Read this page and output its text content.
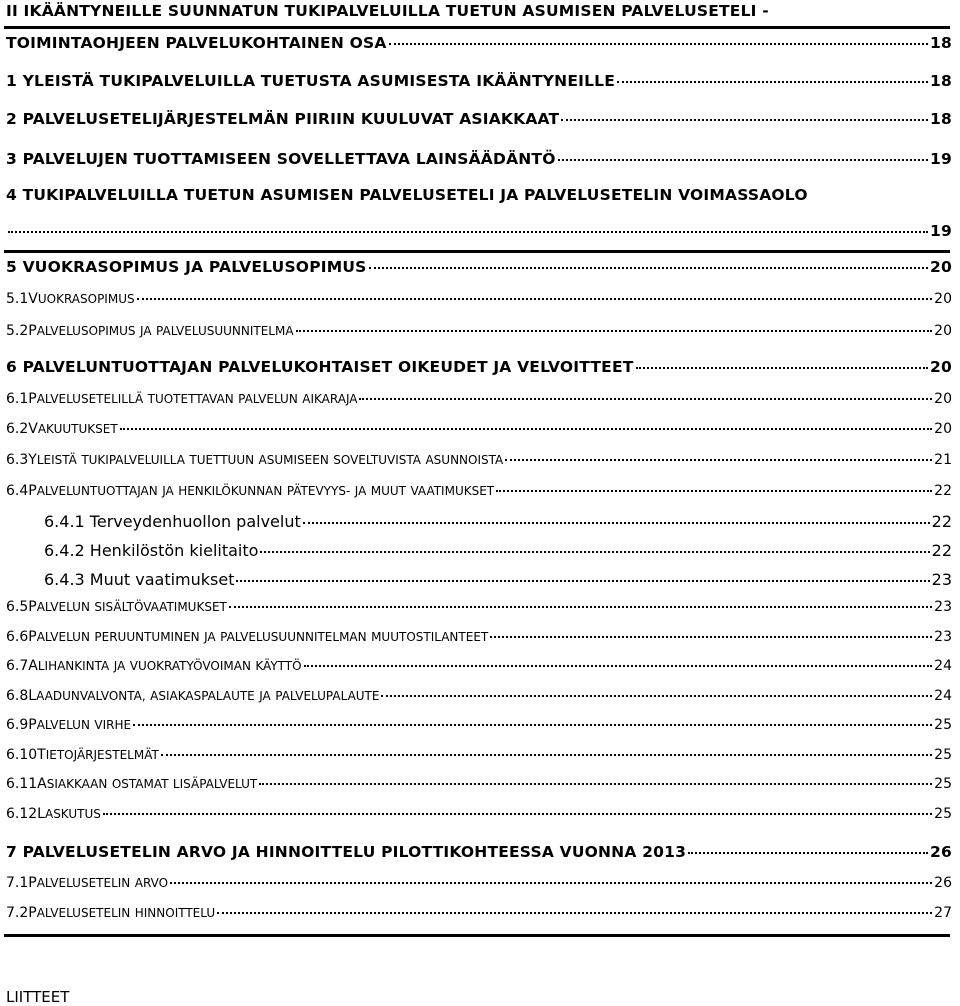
II IKÄÄNTYNEILLE SUUNNATUN TUKIPALVELUILLA TUETUN ASUMISEN PALVELUSETELI -
TOIMINTAOHJEEN PALVELUKOHTAINEN OSA	18
1 YLEISTÄ TUKIPALVELUILLA TUETUSTA ASUMISESTA IKÄÄNTYNEILLE	18
2 PALVELUSETELIJÄRJESTELMÄN PIIRIIN KUULUVAT ASIAKKAAT	18
3 PALVELUJEN TUOTTAMISEEN SOVELLETTAVA LAINSÄÄDÄNTÖ	19
4 TUKIPALVELUILLA TUETUN ASUMISEN PALVELUSETELI JA PALVELUSETELIN VOIMASSAOLO
19
5 VUOKRASOPIMUS JA PALVELUSOPIMUS	20
5.1 VUOKRASOPIMUS	20
5.2 PALVELUSOPIMUS JA PALVELUSUUNNITELMA	20
6 PALVELUNTUOTTAJAN PALVELUKOHTAISET OIKEUDET JA VELVOITTEET	20
6.1 PALVELUSETELILLÄ TUOTETTAVAN PALVELUN AIKARAJA	20
6.2 VAKUUTUKSET	20
6.3 YLEISTÄ TUKIPALVELUILLA TUETTUUN ASUMISEEN SOVELTUVISTA ASUNNOISTA	21
6.4 PALVELUNTUOTTAJAN JA HENKILÖKUNNAN PÄTEVYYS- JA MUUT VAATIMUKSET	22
6.4.1 Terveydenhuollon palvelut	22
6.4.2 Henkilöstön kielitaito	22
6.4.3 Muut vaatimukset	23
6.5 PALVELUN SISÄLTÖVAATIMUKSET	23
6.6 PALVELUN PERUUNTUMINEN JA PALVELUSUUNNITELMAN MUUTOSTILANTEET	23
6.7 ALIHANKINTA JA VUOKRATYÖVOIMAN KÄYTTÖ	24
6.8 LAADUNVALVONTA, ASIAKASPALAUTE JA PALVELUPALAUTE	24
6.9 PALVELUN VIRHE	25
6.10 TIETOJÄRJESTELMÄT	25
6.11 ASIAKKAAN OSTAMAT LISÄPALVELUT	25
6.12 LASKUTUS	25
7 PALVELUSETELIN ARVO JA HINNOITTELU PILOTTIKOHTEESSA VUONNA 2013	26
7.1 PALVELUSETELIN ARVO	26
7.2 PALVELUSETELIN HINNOITTELU	27
LIITTEET
